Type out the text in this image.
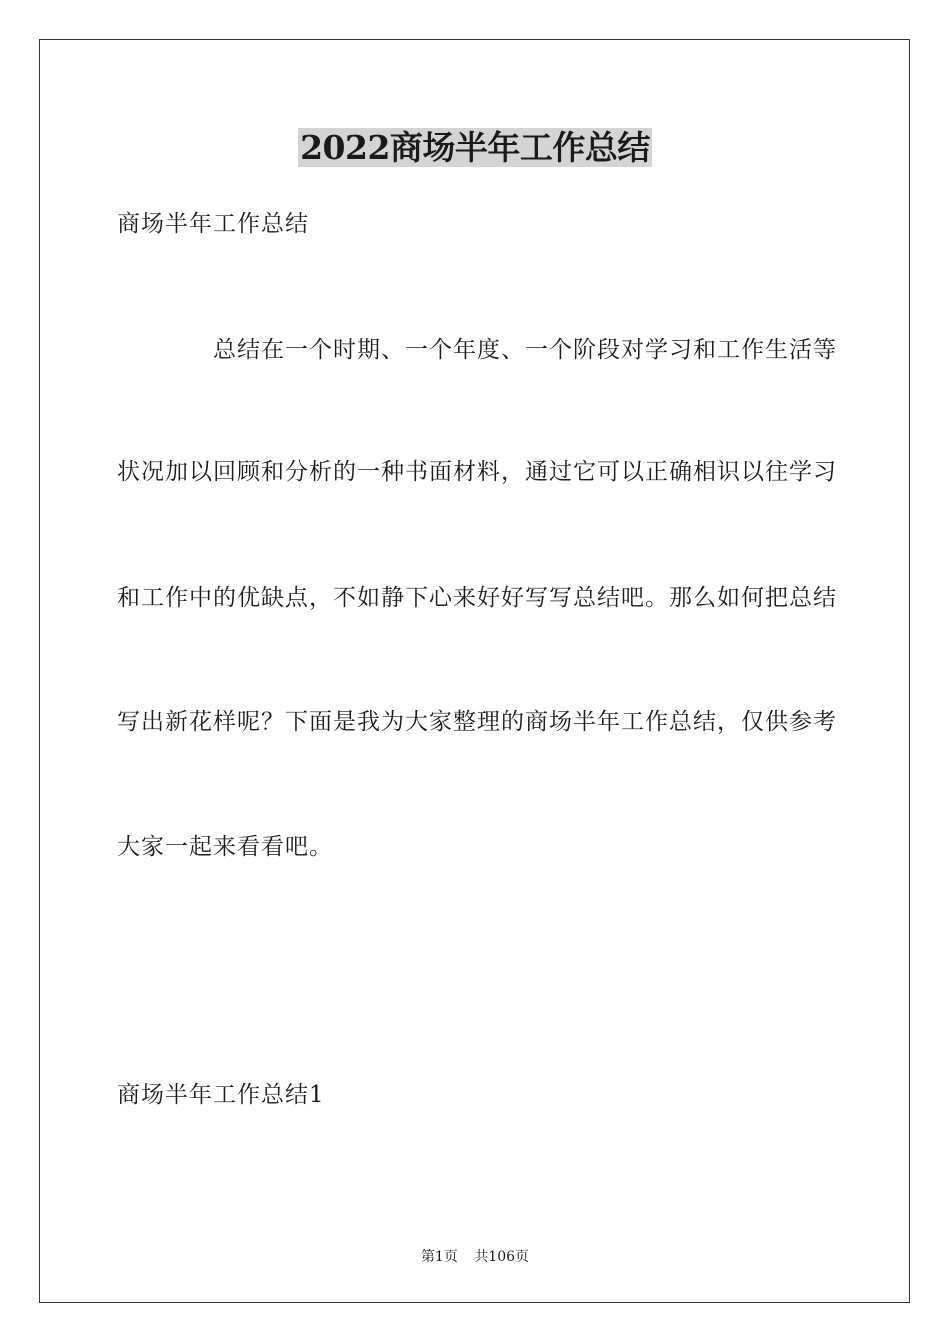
2022商场半年工作总结
商场半年工作总结
总结在一个时期、一个年度、一个阶段对学习和工作生活等
状况加以回顾和分析的一种书面材料，通过它可以正确相识以往学习
和工作中的优缺点，不如静下心来好好写写总结吧。那么如何把总结
写出新花样呢？下面是我为大家整理的商场半年工作总结，仅供参考
大家一起来看看吧。
商场半年工作总结1
第1页 共106页
